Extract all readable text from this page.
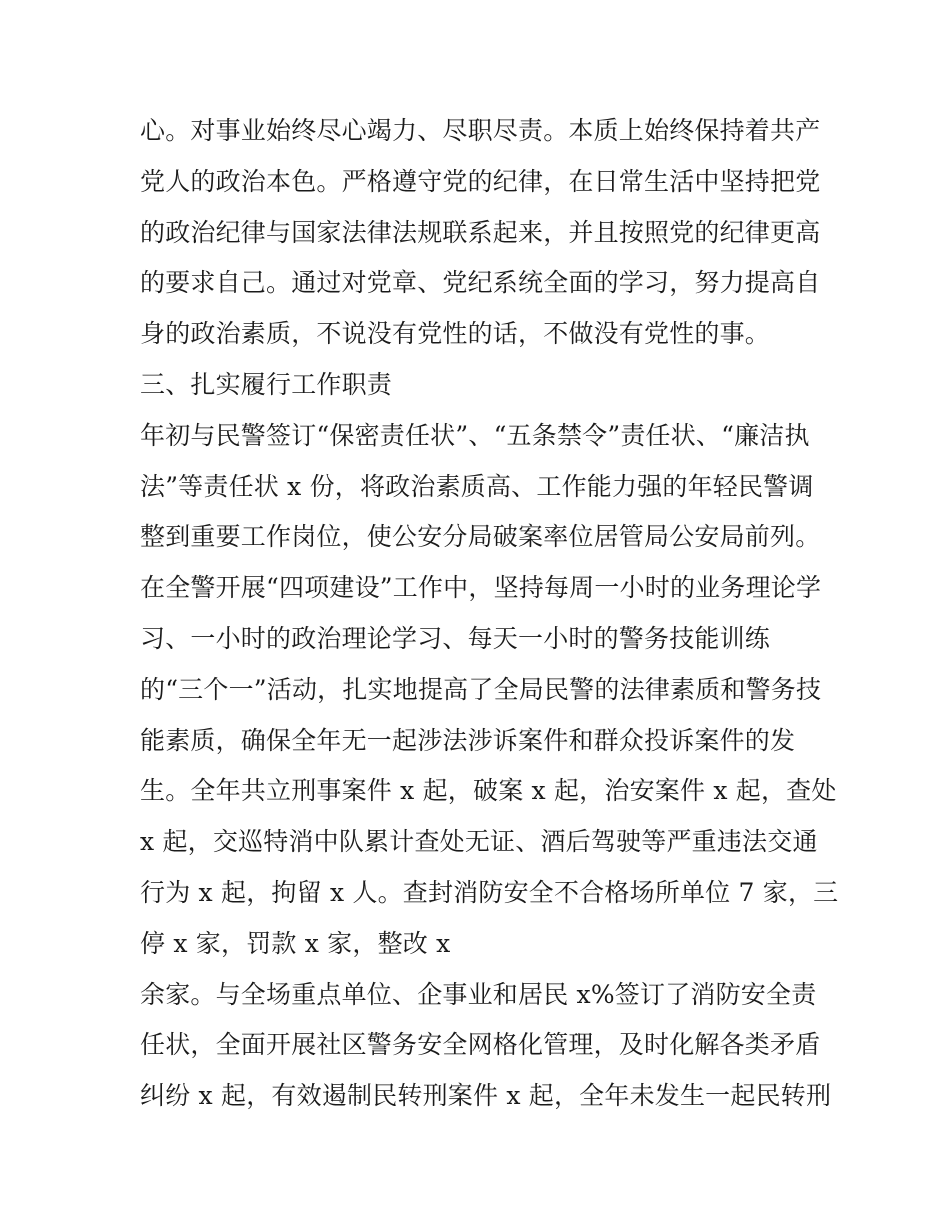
心。对事业始终尽心竭力、尽职尽责。本质上始终保持着共产
党人的政治本色。严格遵守党的纪律，在日常生活中坚持把党
的政治纪律与国家法律法规联系起来，并且按照党的纪律更高
的要求自己。通过对党章、党纪系统全面的学习，努力提高自
身的政治素质，不说没有党性的话，不做没有党性的事。
三、扎实履行工作职责
年初与民警签订“保密责任状”、“五条禁令”责任状、“廉洁执
法”等责任状 x 份，将政治素质高、工作能力强的年轻民警调
整到重要工作岗位，使公安分局破案率位居管局公安局前列。
在全警开展“四项建设”工作中，坚持每周一小时的业务理论学
习、一小时的政治理论学习、每天一小时的警务技能训练
的“三个一”活动，扎实地提高了全局民警的法律素质和警务技
能素质，确保全年无一起涉法涉诉案件和群众投诉案件的发
生。全年共立刑事案件 x 起，破案 x 起，治安案件 x 起，查处
x 起，交巡特消中队累计查处无证、酒后驾驶等严重违法交通
行为 x 起，拘留 x 人。查封消防安全不合格场所单位 7 家，三
停 x 家，罚款 x 家，整改 x
余家。与全场重点单位、企事业和居民 x%签订了消防安全责
任状，全面开展社区警务安全网格化管理，及时化解各类矛盾
纠纷 x 起，有效遏制民转刑案件 x 起，全年未发生一起民转刑
